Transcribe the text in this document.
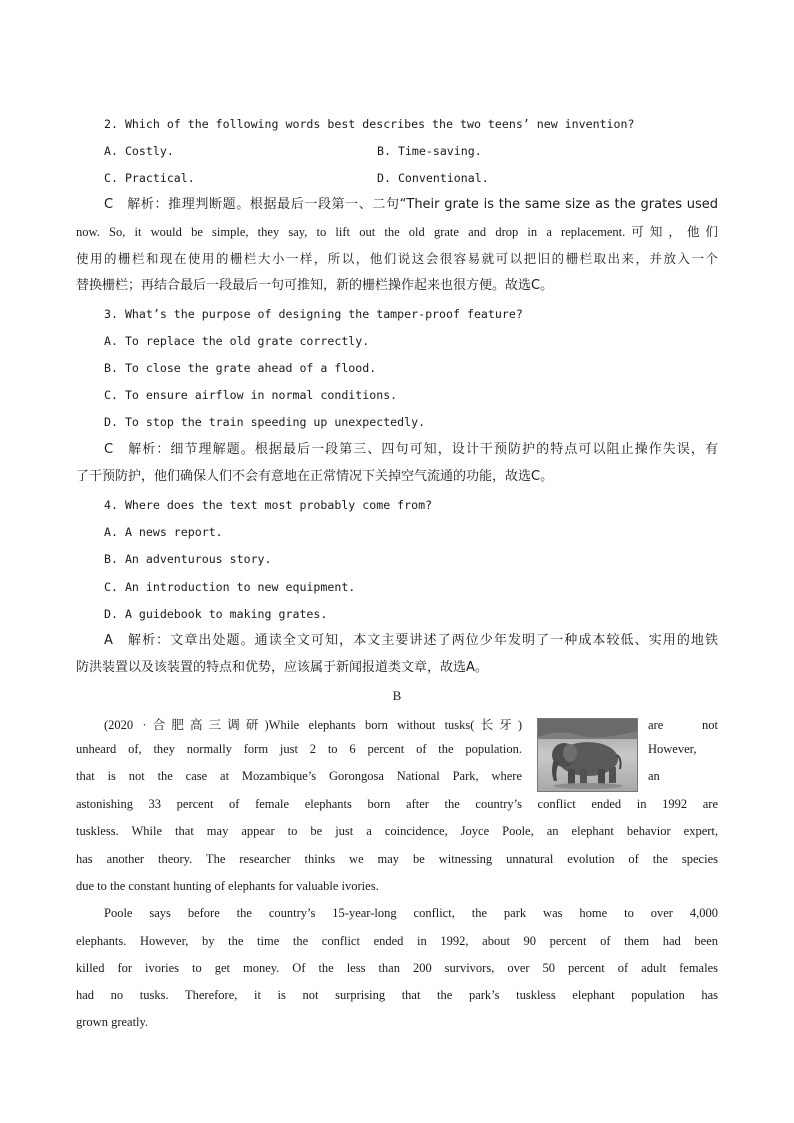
2. Which of the following words best describes the two teens’ new invention?
A. Costly.	B. Time-saving.
C. Practical.	D. Conventional.
C　解析：推理判断题。根据最后一段第一、二句“Their grate is the same size as the grates used
now. So, it would be simple, they say, to lift out the old grate and drop in a replacement.可知，他们
使用的栅栏和现在使用的栅栏大小一样，所以，他们说这会很容易就可以把旧的栅栏取出来，并放入一个
替换栅栏；再结合最后一段最后一句可推知，新的栅栏操作起来也很方便。故选C。
3. What’s the purpose of designing the tamper-proof feature?
A. To replace the old grate correctly.
B. To close the grate ahead of a flood.
C. To ensure airflow in normal conditions.
D. To stop the train speeding up unexpectedly.
C　解析：细节理解题。根据最后一段第三、四句可知，设计干预防护的特点可以阻止操作失误，有
了干预防护，他们确保人们不会有意地在正常情况下关掉空气流通的功能，故选C。
4. Where does the text most probably come from?
A. A news report.
B. An adventurous story.
C. An introduction to new equipment.
D. A guidebook to making grates.
A　解析：文章出处题。通读全文可知，本文主要讲述了两位少年发明了一种成本较低、实用的地铁
防洪装置以及该装置的特点和优势，应该属于新闻报道类文章，故选A。
B
(2020 ·合肥高三调研)While elephants born without tusks(长牙)	are　　not
unheard of, they normally form just 2 to 6 percent of the population.	However,
that is not the case at Mozambique’s Gorongosa National Park, where	an
astonishing 33 percent of female elephants born after the country’s conflict ended in 1992 are
tuskless. While that may appear to be just a coincidence, Joyce Poole, an elephant behavior expert,
has another theory. The researcher thinks we may be witnessing unnatural evolution of the species
due to the constant hunting of elephants for valuable ivories.
Poole says before the country’s 15-year-long conflict, the park was home to over 4,000
elephants. However, by the time the conflict ended in 1992, about 90 percent of them had been
killed for ivories to get money. Of the less than 200 survivors, over 50 percent of adult females
had no tusks. Therefore, it is not surprising that the park’s tuskless elephant population has
grown greatly.
